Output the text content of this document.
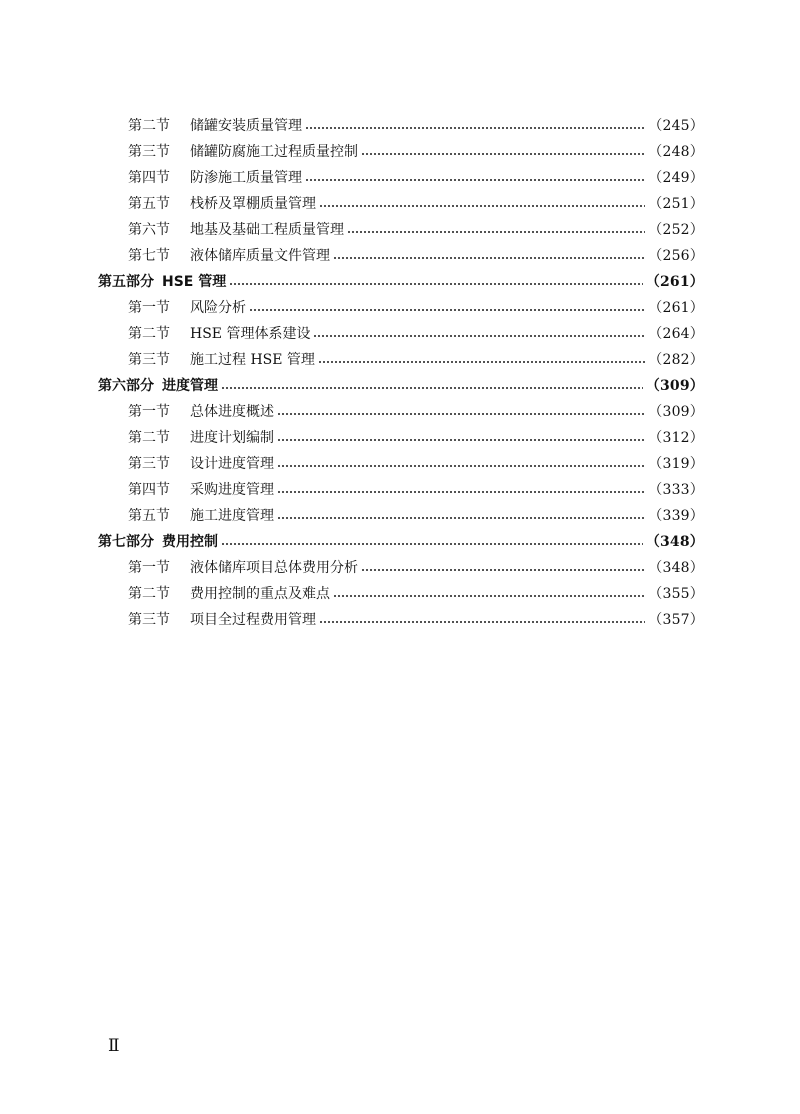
第二节	储罐安装质量管理	（245）
第三节	储罐防腐施工过程质量控制	（248）
第四节	防渗施工质量管理	（249）
第五节	栈桥及罩棚质量管理	（251）
第六节	地基及基础工程质量管理	（252）
第七节	液体储库质量文件管理	（256）
第五部分 HSE 管理	（261）
第一节	风险分析	（261）
第二节	HSE 管理体系建设	（264）
第三节	施工过程 HSE 管理	（282）
第六部分 进度管理	（309）
第一节	总体进度概述	（309）
第二节	进度计划编制	（312）
第三节	设计进度管理	（319）
第四节	采购进度管理	（333）
第五节	施工进度管理	（339）
第七部分 费用控制	（348）
第一节	液体储库项目总体费用分析	（348）
第二节	费用控制的重点及难点	（355）
第三节	项目全过程费用管理	（357）
Ⅱ
